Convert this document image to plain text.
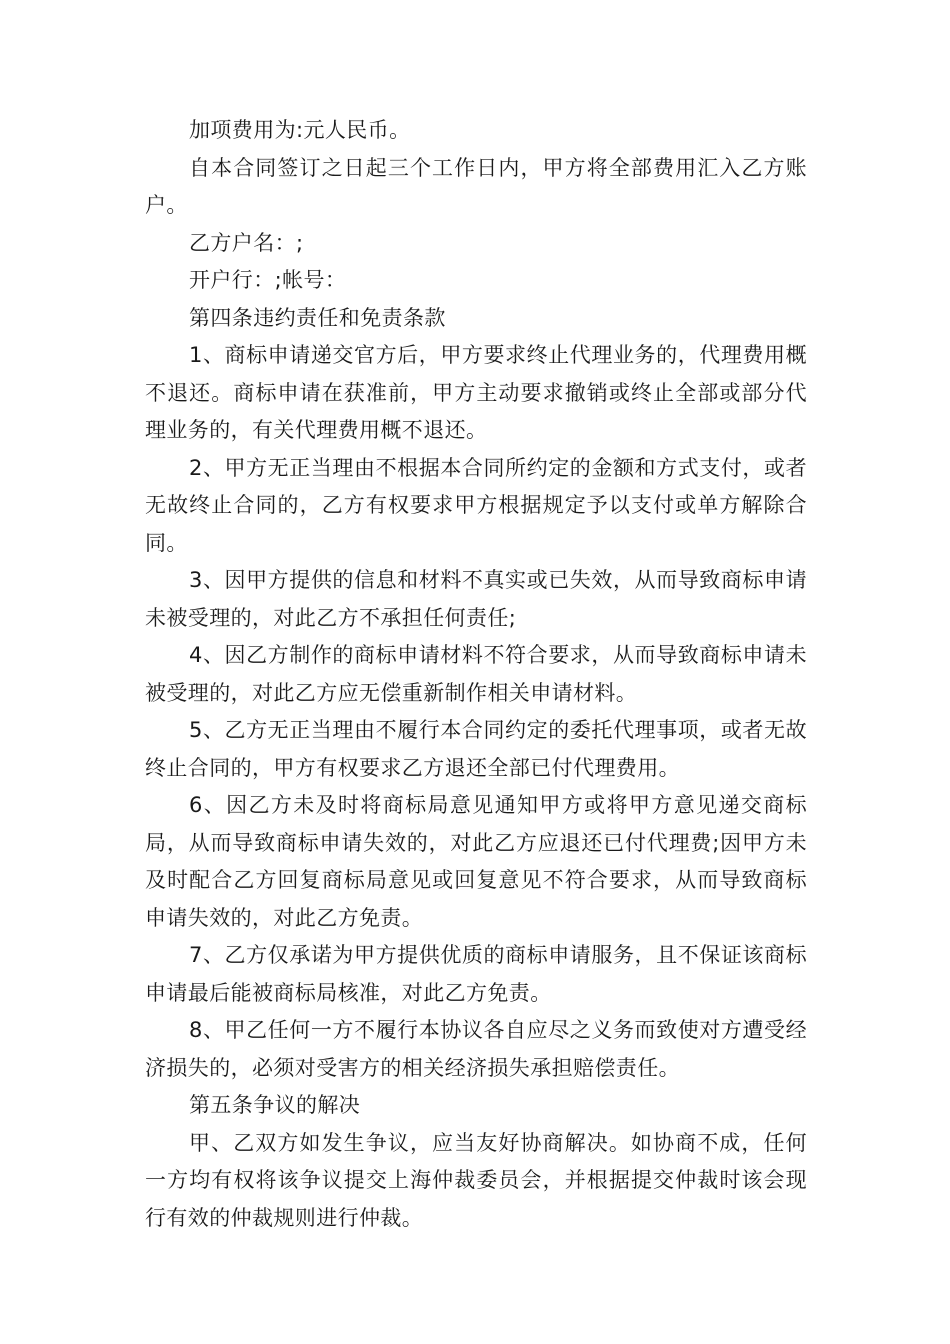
加项费用为:元人民币。

自本合同签订之日起三个工作日内，甲方将全部费用汇入乙方账户。

乙方户名：;

开户行：;帐号：

第四条违约责任和免责条款

1、商标申请递交官方后，甲方要求终止代理业务的，代理费用概不退还。商标申请在获准前，甲方主动要求撤销或终止全部或部分代理业务的，有关代理费用概不退还。

2、甲方无正当理由不根据本合同所约定的金额和方式支付，或者无故终止合同的，乙方有权要求甲方根据规定予以支付或单方解除合同。

3、因甲方提供的信息和材料不真实或已失效，从而导致商标申请未被受理的，对此乙方不承担任何责任;

4、因乙方制作的商标申请材料不符合要求，从而导致商标申请未被受理的，对此乙方应无偿重新制作相关申请材料。

5、乙方无正当理由不履行本合同约定的委托代理事项，或者无故终止合同的，甲方有权要求乙方退还全部已付代理费用。

6、因乙方未及时将商标局意见通知甲方或将甲方意见递交商标局，从而导致商标申请失效的，对此乙方应退还已付代理费;因甲方未及时配合乙方回复商标局意见或回复意见不符合要求，从而导致商标申请失效的，对此乙方免责。

7、乙方仅承诺为甲方提供优质的商标申请服务，且不保证该商标申请最后能被商标局核准，对此乙方免责。

8、甲乙任何一方不履行本协议各自应尽之义务而致使对方遭受经济损失的，必须对受害方的相关经济损失承担赔偿责任。

第五条争议的解决

甲、乙双方如发生争议，应当友好协商解决。如协商不成，任何一方均有权将该争议提交上海仲裁委员会，并根据提交仲裁时该会现行有效的仲裁规则进行仲裁。
